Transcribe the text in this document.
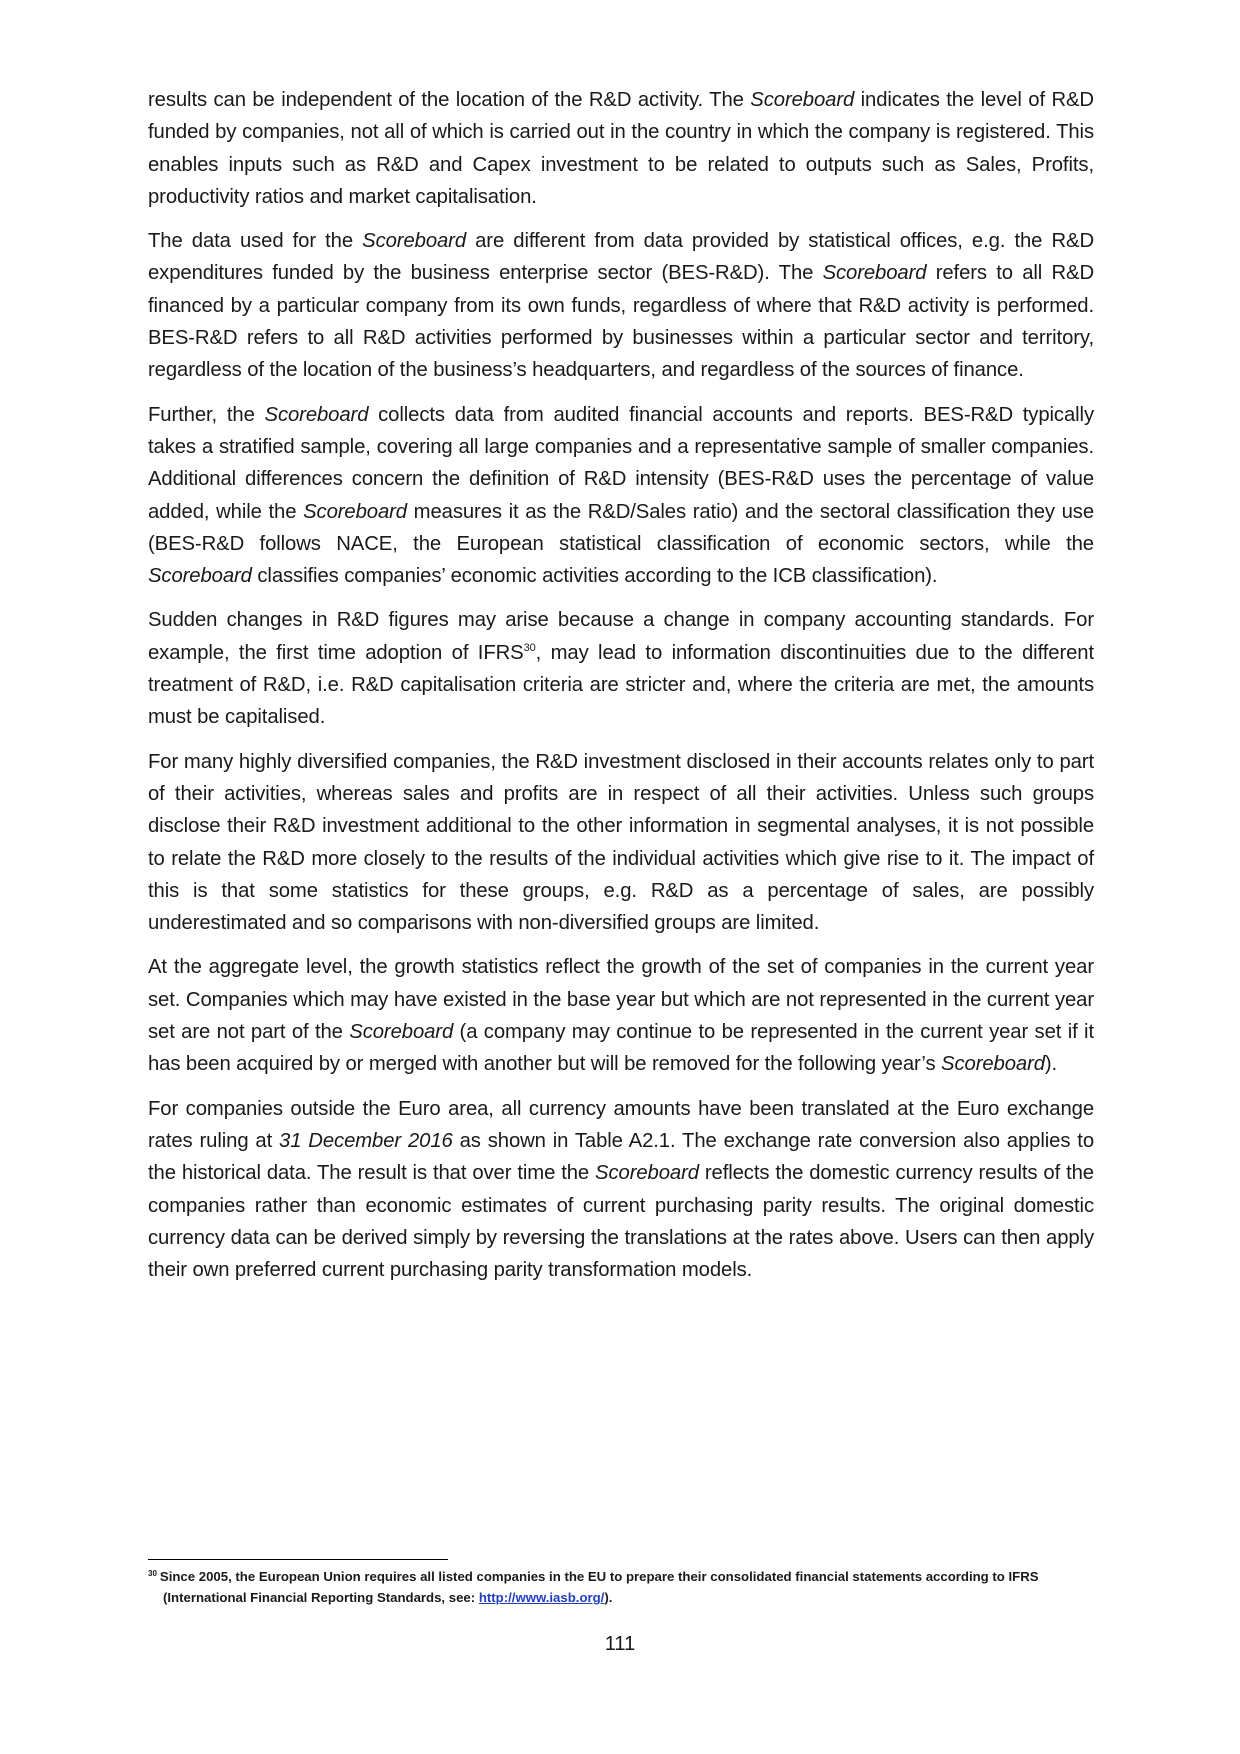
results can be independent of the location of the R&D activity. The Scoreboard indicates the level of R&D funded by companies, not all of which is carried out in the country in which the company is registered. This enables inputs such as R&D and Capex investment to be related to outputs such as Sales, Profits, productivity ratios and market capitalisation.

The data used for the Scoreboard are different from data provided by statistical offices, e.g. the R&D expenditures funded by the business enterprise sector (BES-R&D). The Scoreboard refers to all R&D financed by a particular company from its own funds, regardless of where that R&D activity is performed. BES-R&D refers to all R&D activities performed by businesses within a particular sector and territory, regardless of the location of the business’s headquarters, and regardless of the sources of finance.

Further, the Scoreboard collects data from audited financial accounts and reports. BES-R&D typically takes a stratified sample, covering all large companies and a representative sample of smaller companies. Additional differences concern the definition of R&D intensity (BES-R&D uses the percentage of value added, while the Scoreboard measures it as the R&D/Sales ratio) and the sectoral classification they use (BES-R&D follows NACE, the European statistical classification of economic sectors, while the Scoreboard classifies companies’ economic activities according to the ICB classification).

Sudden changes in R&D figures may arise because a change in company accounting standards. For example, the first time adoption of IFRS$^{30}$, may lead to information discontinuities due to the different treatment of R&D, i.e. R&D capitalisation criteria are stricter and, where the criteria are met, the amounts must be capitalised.

For many highly diversified companies, the R&D investment disclosed in their accounts relates only to part of their activities, whereas sales and profits are in respect of all their activities. Unless such groups disclose their R&D investment additional to the other information in segmental analyses, it is not possible to relate the R&D more closely to the results of the individual activities which give rise to it. The impact of this is that some statistics for these groups, e.g. R&D as a percentage of sales, are possibly underestimated and so comparisons with non-diversified groups are limited.

At the aggregate level, the growth statistics reflect the growth of the set of companies in the current year set. Companies which may have existed in the base year but which are not represented in the current year set are not part of the Scoreboard (a company may continue to be represented in the current year set if it has been acquired by or merged with another but will be removed for the following year’s Scoreboard).

For companies outside the Euro area, all currency amounts have been translated at the Euro exchange rates ruling at 31 December 2016 as shown in Table A2.1. The exchange rate conversion also applies to the historical data. The result is that over time the Scoreboard reflects the domestic currency results of the companies rather than economic estimates of current purchasing parity results. The original domestic currency data can be derived simply by reversing the translations at the rates above. Users can then apply their own preferred current purchasing parity transformation models.

$^{30}$ Since 2005, the European Union requires all listed companies in the EU to prepare their consolidated financial statements according to IFRS
(International Financial Reporting Standards, see: http://www.iasb.org/).
111
